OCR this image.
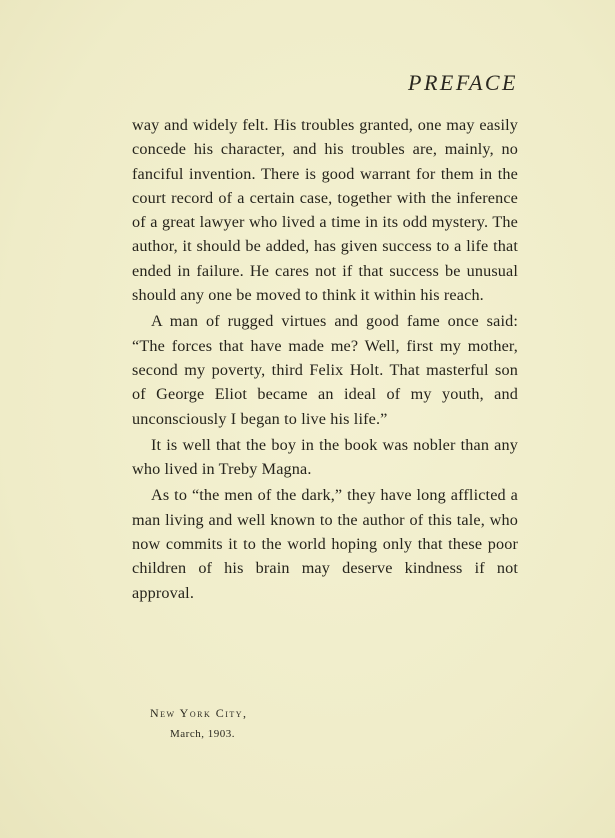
PREFACE

way and widely felt. His troubles granted, one may easily concede his character, and his troubles are, mainly, no fanciful invention. There is good warrant for them in the court record of a certain case, together with the inference of a great lawyer who lived a time in its odd mystery. The author, it should be added, has given success to a life that ended in failure. He cares not if that success be unusual should any one be moved to think it within his reach.

A man of rugged virtues and good fame once said: “The forces that have made me? Well, first my mother, second my poverty, third Felix Holt. That masterful son of George Eliot became an ideal of my youth, and unconsciously I began to live his life.”

It is well that the boy in the book was nobler than any who lived in Treby Magna.

As to “the men of the dark,” they have long afflicted a man living and well known to the author of this tale, who now commits it to the world hoping only that these poor children of his brain may deserve kindness if not approval.

New York City,
March, 1903.
